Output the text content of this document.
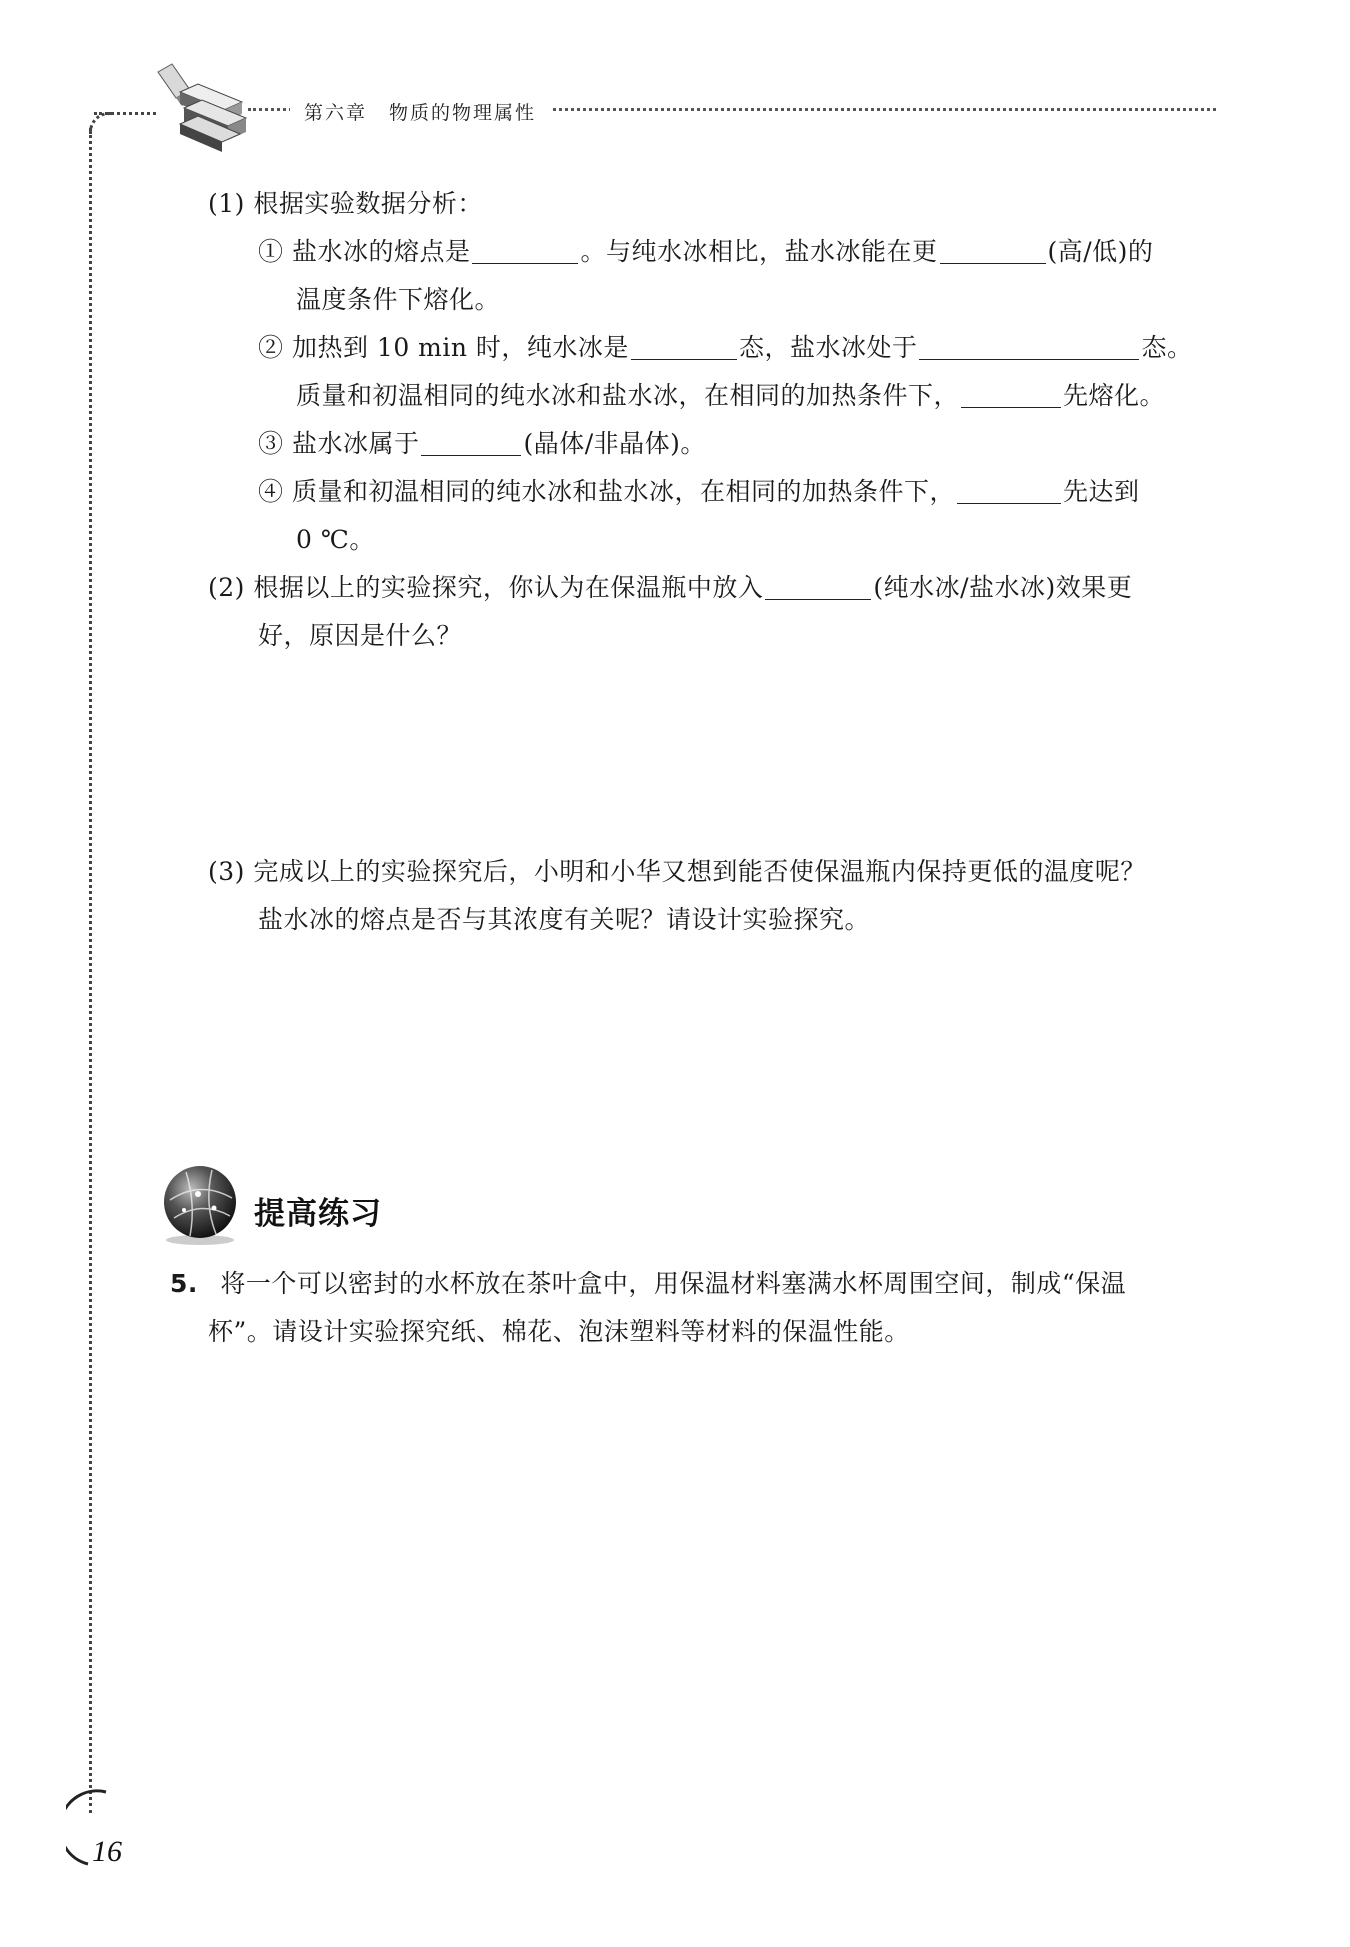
第六章 物质的物理属性
(1) 根据实验数据分析：
① 盐水冰的熔点是	。与纯水冰相比，盐水冰能在更	(高/低)的
温度条件下熔化。
② 加热到 10 min 时，纯水冰是	态，盐水冰处于	态。
质量和初温相同的纯水冰和盐水冰，在相同的加热条件下，	先熔化。
③ 盐水冰属于	(晶体/非晶体)。
④ 质量和初温相同的纯水冰和盐水冰，在相同的加热条件下，	先达到
0 ℃。
(2) 根据以上的实验探究，你认为在保温瓶中放入	(纯水冰/盐水冰)效果更
好，原因是什么？
(3) 完成以上的实验探究后，小明和小华又想到能否使保温瓶内保持更低的温度呢？
盐水冰的熔点是否与其浓度有关呢？请设计实验探究。
提高练习
5. 将一个可以密封的水杯放在茶叶盒中，用保温材料塞满水杯周围空间，制成“保温
杯”。请设计实验探究纸、棉花、泡沫塑料等材料的保温性能。
16
